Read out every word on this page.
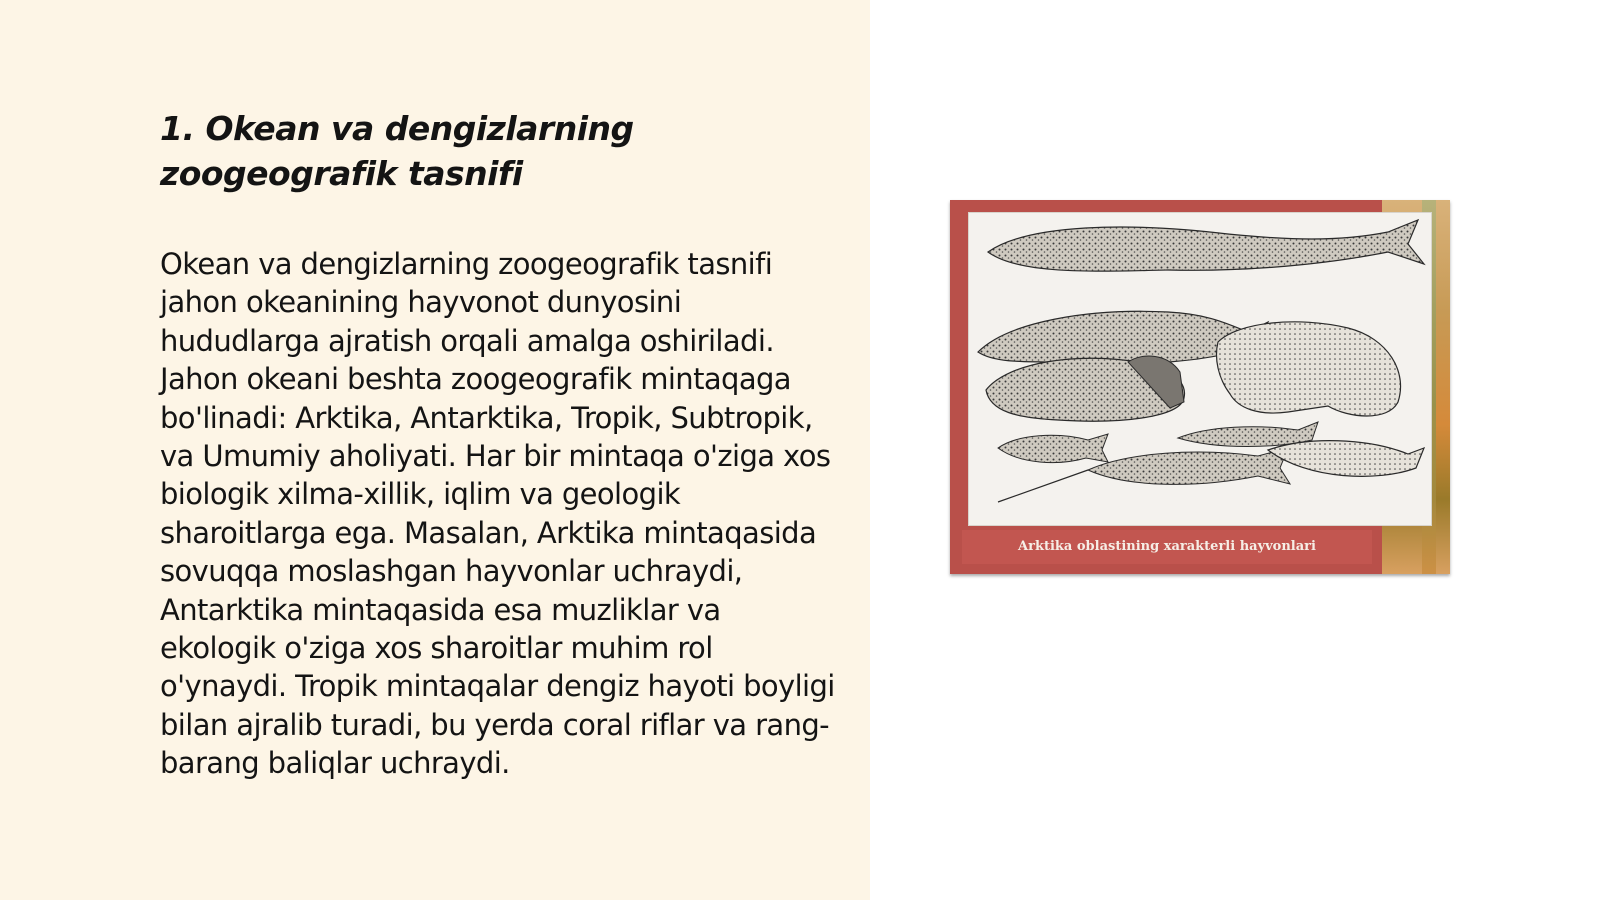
1. Okean va dengizlarning zoogeografik tasnifi

Okean va dengizlarning zoogeografik tasnifi jahon okeanining hayvonot dunyosini hududlarga ajratish orqali amalga oshiriladi. Jahon okeani beshta zoogeografik mintaqaga bo'linadi: Arktika, Antarktika, Tropik, Subtropik, va Umumiy aholiyati. Har bir mintaqa o'ziga xos biologik xilma-xillik, iqlim va geologik sharoitlarga ega. Masalan, Arktika mintaqasida sovuqqa moslashgan hayvonlar uchraydi, Antarktika mintaqasida esa muzliklar va ekologik o'ziga xos sharoitlar muhim rol o'ynaydi. Tropik mintaqalar dengiz hayoti boyligi bilan ajralib turadi, bu yerda coral riflar va rang-barang baliqlar uchraydi.

Arktika oblastining xarakterli hayvonlari
